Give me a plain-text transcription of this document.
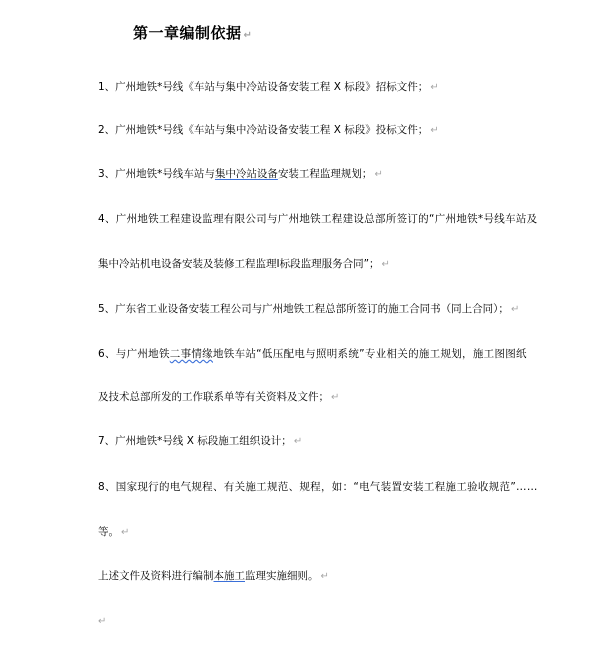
第一章编制依据 ↵
1、广州地铁*号线《车站与集中冷站设备安装工程 X 标段》招标文件； ↵
2、广州地铁*号线《车站与集中冷站设备安装工程 X 标段》投标文件； ↵
3、广州地铁*号线车站与集中冷站设备安装工程监理规划； ↵
4、广州地铁工程建设监理有限公司与广州地铁工程建设总部所签订的“广州地铁*号线车站及
集中冷站机电设备安装及装修工程监理Ⅰ标段监理服务合同”； ↵
5、广东省工业设备安装工程公司与广州地铁工程总部所签订的施工合同书（同上合同）； ↵
6、与广州地铁二事情缘地铁车站“低压配电与照明系统”专业相关的施工规划，施工图图纸
及技术总部所发的工作联系单等有关资料及文件； ↵
7、广州地铁*号线 X 标段施工组织设计； ↵
8、国家现行的电气规程、有关施工规范、规程，如：“电气装置安装工程施工验收规范”……
等。 ↵
上述文件及资料进行编制本施工监理实施细则。 ↵
↵
